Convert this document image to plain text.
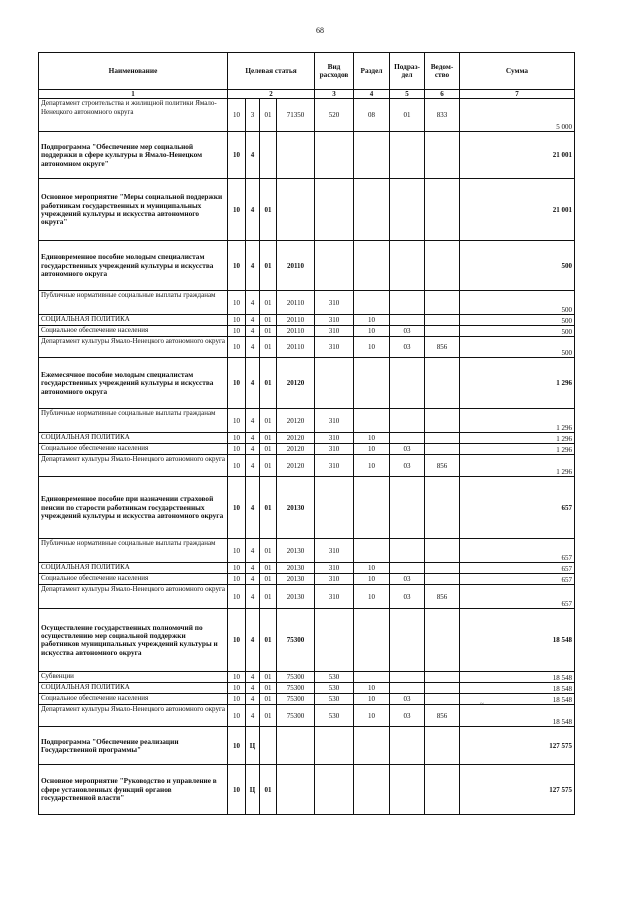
68
Наименование	Целевая статья				Вид расходов	Раздел	Подраз-дел	Ведом-ство	Сумма
1	2				3	4	5	6	7
Департамент строительства и жилищной политики Ямало-Ненецкого автономного округа	10	3	01	71350	520	08	01	833	5 000
Подпрограмма "Обеспечение мер социальной поддержки в сфере культуры в Ямало-Ненецком автономном округе"	10	4							21 001
Основное мероприятие "Меры социальной поддержки работникам государственных и муниципальных учреждений культуры и искусства автономного округа"	10	4	01						21 001
Единовременное пособие молодым специалистам государственных учреждений культуры и искусства автономного округа	10	4	01	20110					500
Публичные нормативные социальные выплаты гражданам	10	4	01	20110	310				500
СОЦИАЛЬНАЯ ПОЛИТИКА	10	4	01	20110	310	10			500
Социальное обеспечение населения	10	4	01	20110	310	10	03		500
Департамент культуры Ямало-Ненецкого автономного округа	10	4	01	20110	310	10	03	856	500
Ежемесячное пособие молодым специалистам государственных учреждений культуры и искусства автономного округа	10	4	01	20120					1 296
Публичные нормативные социальные выплаты гражданам	10	4	01	20120	310				1 296
СОЦИАЛЬНАЯ ПОЛИТИКА	10	4	01	20120	310	10			1 296
Социальное обеспечение населения	10	4	01	20120	310	10	03		1 296
Департамент культуры Ямало-Ненецкого автономного округа	10	4	01	20120	310	10	03	856	1 296
Единовременное пособие при назначении страховой пенсии по старости работникам государственных учреждений культуры и искусства автономного округа	10	4	01	20130					657
Публичные нормативные социальные выплаты гражданам	10	4	01	20130	310				657
СОЦИАЛЬНАЯ ПОЛИТИКА	10	4	01	20130	310	10			657
Социальное обеспечение населения	10	4	01	20130	310	10	03		657
Департамент культуры Ямало-Ненецкого автономного округа	10	4	01	20130	310	10	03	856	657
Осуществление государственных полномочий по осуществлению мер социальной поддержки работников муниципальных учреждений культуры и искусства автономного округа	10	4	01	75300					18 548
Субвенции	10	4	01	75300	530				18 548
СОЦИАЛЬНАЯ ПОЛИТИКА	10	4	01	75300	530	10			18 548
Социальное обеспечение населения	10	4	01	75300	530	10	03		18 548
Департамент культуры Ямало-Ненецкого автономного округа	10	4	01	75300	530	10	03	856	18 548
Подпрограмма "Обеспечение реализации Государственной программы"	10	Ц							127 575
Основное мероприятие "Руководство и управление в сфере установленных функций органов государственной власти"	10	Ц	01						127 575
~
